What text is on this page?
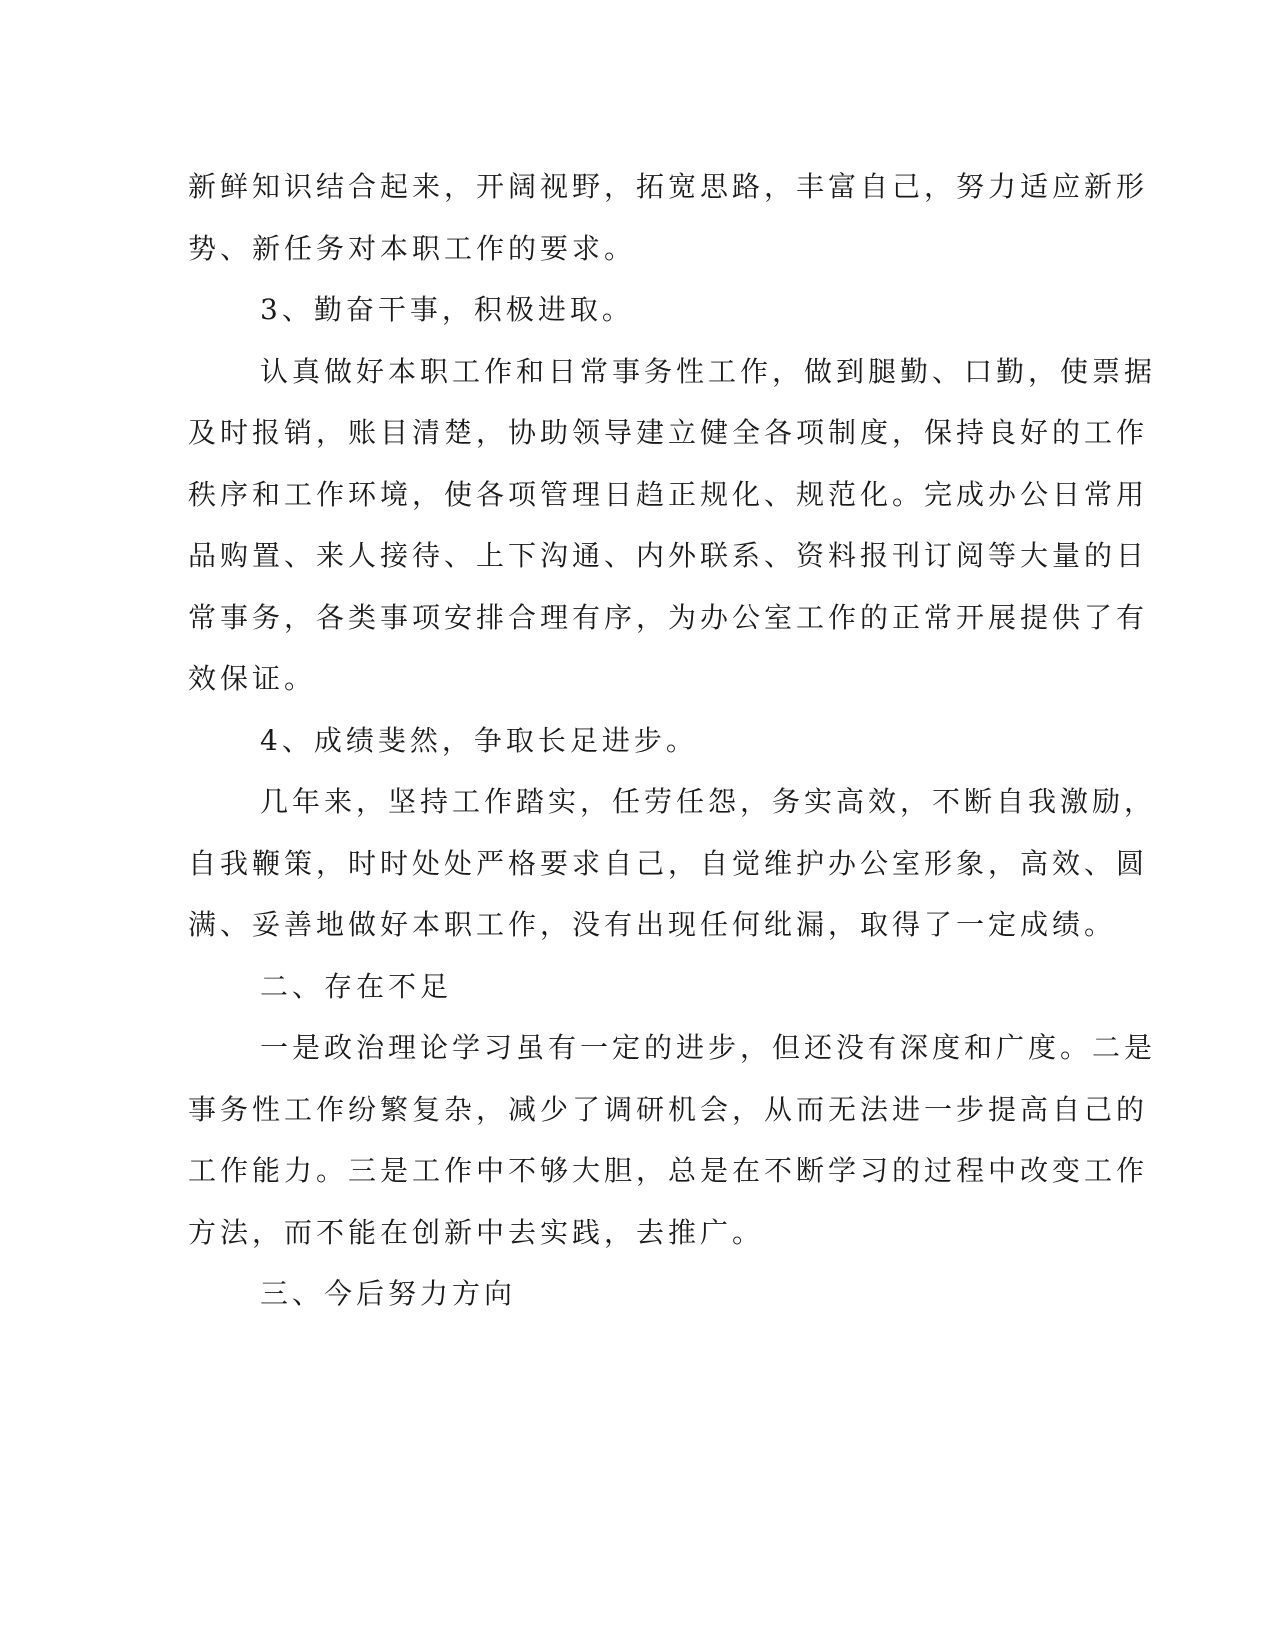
新鲜知识结合起来，开阔视野，拓宽思路，丰富自己，努力适应新形
势、新任务对本职工作的要求。
3、勤奋干事，积极进取。
认真做好本职工作和日常事务性工作，做到腿勤、口勤，使票据
及时报销，账目清楚，协助领导建立健全各项制度，保持良好的工作
秩序和工作环境，使各项管理日趋正规化、规范化。完成办公日常用
品购置、来人接待、上下沟通、内外联系、资料报刊订阅等大量的日
常事务，各类事项安排合理有序，为办公室工作的正常开展提供了有
效保证。
4、成绩斐然，争取长足进步。
几年来，坚持工作踏实，任劳任怨，务实高效，不断自我激励，
自我鞭策，时时处处严格要求自己，自觉维护办公室形象，高效、圆
满、妥善地做好本职工作，没有出现任何纰漏，取得了一定成绩。
二、存在不足
一是政治理论学习虽有一定的进步，但还没有深度和广度。二是
事务性工作纷繁复杂，减少了调研机会，从而无法进一步提高自己的
工作能力。三是工作中不够大胆，总是在不断学习的过程中改变工作
方法，而不能在创新中去实践，去推广。
三、今后努力方向
